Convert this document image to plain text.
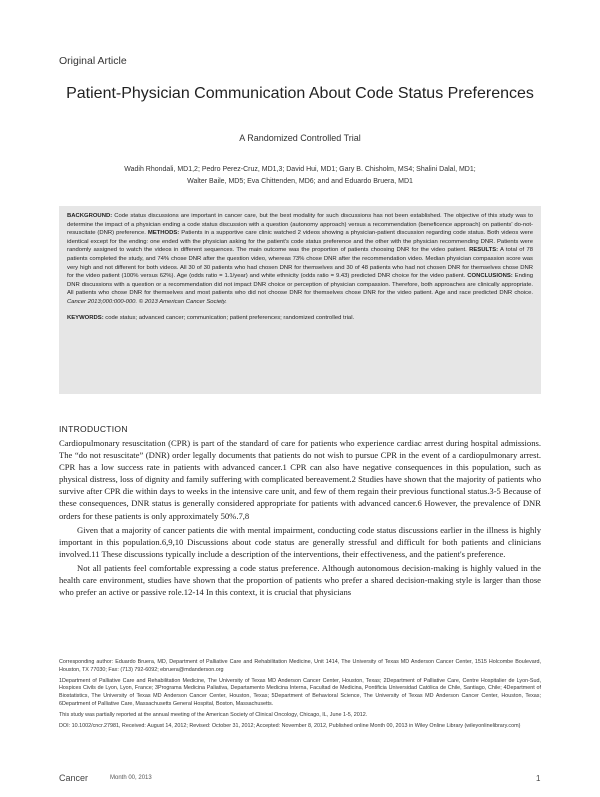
Original Article
Patient-Physician Communication About Code Status Preferences
A Randomized Controlled Trial
Wadih Rhondali, MD1,2; Pedro Perez-Cruz, MD1,3; David Hui, MD1; Gary B. Chisholm, MS4; Shalini Dalal, MD1;
Walter Baile, MD5; Eva Chittenden, MD6; and and Eduardo Bruera, MD1
BACKGROUND: Code status discussions are important in cancer care, but the best modality for such discussions has not been established. The objective of this study was to determine the impact of a physician ending a code status discussion with a question (autonomy approach) versus a recommendation (beneficence approach) on patients' do-not-resuscitate (DNR) preference. METHODS: Patients in a supportive care clinic watched 2 videos showing a physician-patient discussion regarding code status. Both videos were identical except for the ending: one ended with the physician asking for the patient's code status preference and the other with the physician recommending DNR. Patients were randomly assigned to watch the videos in different sequences. The main outcome was the proportion of patients choosing DNR for the video patient. RESULTS: A total of 78 patients completed the study, and 74% chose DNR after the question video, whereas 73% chose DNR after the recommendation video. Median physician compassion score was very high and not different for both videos. All 30 of 30 patients who had chosen DNR for themselves and 30 of 48 patients who had not chosen DNR for themselves chose DNR for the video patient (100% versus 62%). Age (odds ratio = 1.1/year) and white ethnicity (odds ratio = 9.43) predicted DNR choice for the video patient. CONCLUSIONS: Ending DNR discussions with a question or a recommendation did not impact DNR choice or perception of physician compassion. Therefore, both approaches are clinically appropriate. All patients who chose DNR for themselves and most patients who did not choose DNR for themselves chose DNR for the video patient. Age and race predicted DNR choice. Cancer 2013;000:000-000. © 2013 American Cancer Society.
KEYWORDS: code status; advanced cancer; communication; patient preferences; randomized controlled trial.
INTRODUCTION

Cardiopulmonary resuscitation (CPR) is part of the standard of care for patients who experience cardiac arrest during hospital admissions. The “do not resuscitate” (DNR) order legally documents that patients do not wish to pursue CPR in the event of a cardiopulmonary arrest. CPR has a low success rate in patients with advanced cancer.1 CPR can also have negative consequences in this population, such as physical distress, loss of dignity and family suffering with complicated bereavement.2 Studies have shown that the majority of patients who survive after CPR die within days to weeks in the intensive care unit, and few of them regain their previous functional status.3-5 Because of these consequences, DNR status is generally considered appropriate for patients with advanced cancer.6 However, the prevalence of DNR orders for these patients is only approximately 50%.7,8

Given that a majority of cancer patients die with mental impairment, conducting code status discussions earlier in the illness is highly important in this population.6,9,10 Discussions about code status are generally stressful and difficult for both patients and clinicians involved.11 These discussions typically include a description of the interventions, their effectiveness, and the patient's preference.

Not all patients feel comfortable expressing a code status preference. Although autonomous decision-making is highly valued in the health care environment, studies have shown that the proportion of patients who prefer a shared decision-making style is larger than those who prefer an active or passive role.12-14 In this context, it is crucial that physicians

Corresponding author: Eduardo Bruera, MD, Department of Palliative Care and Rehabilitation Medicine, Unit 1414, The University of Texas MD Anderson Cancer Center, 1515 Holcombe Boulevard, Houston, TX 77030; Fax: (713) 792-6092; ebruera@mdanderson.org

1Department of Palliative Care and Rehabilitation Medicine, The University of Texas MD Anderson Cancer Center, Houston, Texas; 2Department of Palliative Care, Centre Hospitalier de Lyon-Sud, Hospices Civils de Lyon, Lyon, France; 3Programa Medicina Paliativa, Departamento Medicina Interna, Facultad de Medicina, Pontificia Universidad Católica de Chile, Santiago, Chile; 4Department of Biostatistics, The University of Texas MD Anderson Cancer Center, Houston, Texas; 5Department of Behavioral Science, The University of Texas MD Anderson Cancer Center, Houston, Texas; 6Department of Palliative Care, Massachusetts General Hospital, Boston, Massachusetts.

This study was partially reported at the annual meeting of the American Society of Clinical Oncology, Chicago, IL, June 1-5, 2012.

DOI: 10.1002/cncr.27981, Received: August 14, 2012; Revised: October 31, 2012; Accepted: November 8, 2012, Published online Month 00, 2013 in Wiley Online Library (wileyonlinelibrary.com)

Cancer	Month 00, 2013	1
